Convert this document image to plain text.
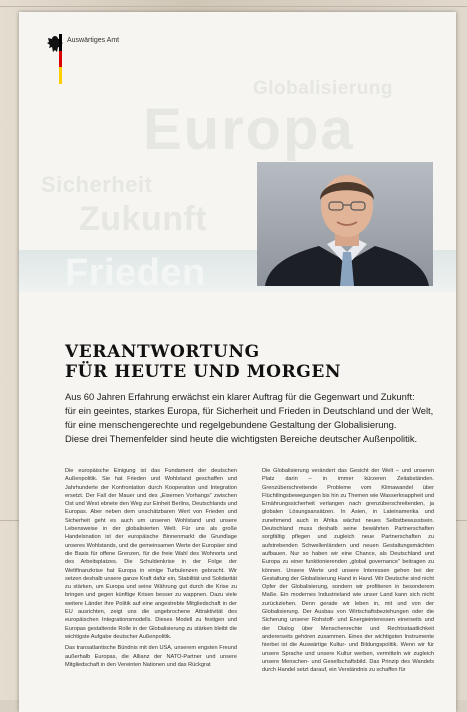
Auswärtiges Amt
Globalisierung
Europa
Sicherheit
Zukunft
Frieden
VERANTWORTUNG
FÜR HEUTE UND MORGEN
Aus 60 Jahren Erfahrung erwächst ein klarer Auftrag für die Gegenwart und Zukunft:
für ein geeintes, starkes Europa, für Sicherheit und Frieden in Deutschland und der Welt,
für eine menschengerechte und regelgebundene Gestaltung der Globalisierung.
Diese drei Themenfelder sind heute die wichtigsten Bereiche deutscher Außenpolitik.

Die europäische Einigung ist das Fundament der deutschen Außenpolitik. Sie hat Frieden und Wohlstand geschaffen und Jahrhunderte der Konfrontation durch Kooperation und Integration ersetzt. Der Fall der Mauer und des „Eisernen Vorhangs“ zwischen Ost und West ebnete den Weg zur Einheit Berlins, Deutschlands und Europas. Aber neben dem unschätzbaren Wert von Frieden und Sicherheit geht es auch um unseren Wohlstand und unsere Lebensweise in der globalisierten Welt. Für uns als große Handelsnation ist der europäische Binnenmarkt die Grundlage unseres Wohlstands, und die gemeinsamen Werte der Europäer sind die Basis für offene Grenzen, für die freie Wahl des Wohnorts und des Arbeitsplatzes. Die Schuldenkrise in der Folge der Weltfinanzkrise hat Europa in einige Turbulenzen gebracht. Wir setzen deshalb unsere ganze Kraft dafür ein, Stabilität und Solidarität zu stärken, um Europa und seine Währung gut durch die Krise zu bringen und gegen künftige Krisen besser zu wappnen. Dazu viele weitere Länder ihre Politik auf eine angestrebte Mitgliedschaft in der EU ausrichten, zeigt uns die ungebrochene Attraktivität des europäischen Integrationsmodells. Dieses Modell zu festigen und Europas gestaltende Rolle in der Globalisierung zu stärken bleibt die wichtigste Aufgabe deutscher Außenpolitik.

Das transatlantische Bündnis mit den USA, unserem engsten Freund außerhalb Europas, die Allianz der NATO-Partner und unsere Mitgliedschaft in den Vereinten Nationen und das Rückgrat

Die Globalisierung verändert das Gesicht der Welt – und unseren Platz darin – in immer kürzeren Zeitabständen. Grenzüberschreitende Probleme vom Klimawandel über Flüchtlingsbewegungen bis hin zu Themen wie Wasserknappheit und Ernährungssicherheit verlangen nach grenzüberschreitenden, ja globalen Lösungsansätzen. In Asien, in Lateinamerika und zunehmend auch in Afrika wächst neues Selbstbewusstsein. Deutschland muss deshalb seine bewährten Partnerschaften sorgfältig pflegen und zugleich neue Partnerschaften zu aufstrebenden Schwellenländern und neuen Gestaltungsmächten aufbauen. Nur so haben wir eine Chance, als Deutschland und Europa zu einer funktionierenden „global governance“ beitragen zu können. Unsere Werte und unsere Interessen gehen bei der Gestaltung der Globalisierung Hand in Hand. Wir Deutsche sind nicht Opfer der Globalisierung, sondern wir profitieren in besonderem Maße. Ein modernes Industrieland wie unser Land kann sich nicht zurückziehen. Denn gerade wir leben in, mit und von der Globalisierung. Der Ausbau von Wirtschaftsbeziehungen oder die Sicherung unserer Rohstoff- und Energieinteressen einerseits und der Dialog über Menschenrechte und Rechtsstaatlichkeit andererseits gehören zusammen. Eines der wichtigsten Instrumente hierbei ist die Auswärtige Kultur- und Bildungspolitik. Wenn wir für unsere Sprache und unsere Kultur werben, vermitteln wir zugleich unsere Menschen- und Gesellschaftsbild. Das Prinzip des Wandels durch Handel setzt darauf, ein Verständnis zu schaffen für
